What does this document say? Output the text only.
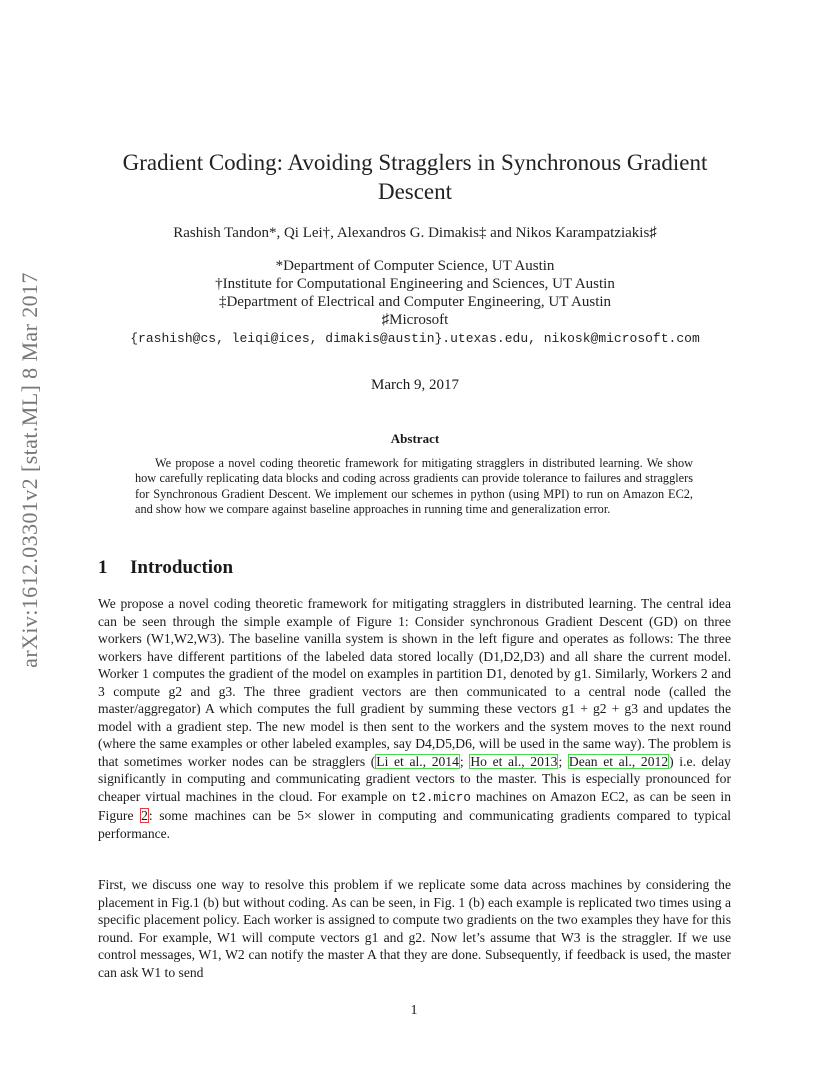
arXiv:1612.03301v2 [stat.ML] 8 Mar 2017
Gradient Coding: Avoiding Stragglers in Synchronous Gradient Descent
Rashish Tandon*, Qi Lei†, Alexandros G. Dimakis‡ and Nikos Karampatziakis♯
*Department of Computer Science, UT Austin
†Institute for Computational Engineering and Sciences, UT Austin
‡Department of Electrical and Computer Engineering, UT Austin
♯Microsoft
{rashish@cs, leiqi@ices, dimakis@austin}.utexas.edu, nikosk@microsoft.com
March 9, 2017
Abstract
We propose a novel coding theoretic framework for mitigating stragglers in distributed learning. We show how carefully replicating data blocks and coding across gradients can provide tolerance to failures and stragglers for Synchronous Gradient Descent. We implement our schemes in python (using MPI) to run on Amazon EC2, and show how we compare against baseline approaches in running time and generalization error.
1 Introduction
We propose a novel coding theoretic framework for mitigating stragglers in distributed learning. The central idea can be seen through the simple example of Figure 1: Consider synchronous Gradient Descent (GD) on three workers (W1,W2,W3). The baseline vanilla system is shown in the left figure and operates as follows: The three workers have different partitions of the labeled data stored locally (D1,D2,D3) and all share the current model. Worker 1 computes the gradient of the model on examples in partition D1, denoted by g1. Similarly, Workers 2 and 3 compute g2 and g3. The three gradient vectors are then communicated to a central node (called the master/aggregator) A which computes the full gradient by summing these vectors g1 + g2 + g3 and updates the model with a gradient step. The new model is then sent to the workers and the system moves to the next round (where the same examples or other labeled examples, say D4,D5,D6, will be used in the same way). The problem is that sometimes worker nodes can be stragglers (Li et al., 2014; Ho et al., 2013; Dean et al., 2012) i.e. delay significantly in computing and communicating gradient vectors to the master. This is especially pronounced for cheaper virtual machines in the cloud. For example on t2.micro machines on Amazon EC2, as can be seen in Figure 2: some machines can be 5× slower in computing and communicating gradients compared to typical performance.
First, we discuss one way to resolve this problem if we replicate some data across machines by considering the placement in Fig.1 (b) but without coding. As can be seen, in Fig. 1 (b) each example is replicated two times using a specific placement policy. Each worker is assigned to compute two gradients on the two examples they have for this round. For example, W1 will compute vectors g1 and g2. Now let’s assume that W3 is the straggler. If we use control messages, W1, W2 can notify the master A that they are done. Subsequently, if feedback is used, the master can ask W1 to send
1
